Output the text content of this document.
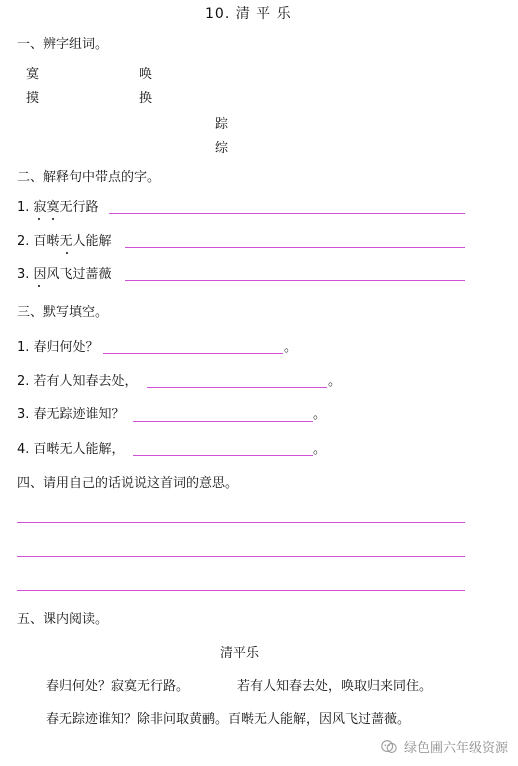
10. 清 平 乐
一、辨字组词。
寞	唤
摸	换
踪
综
二、解释句中带点的字。
1. 寂寞无行路
2. 百啭无人能解
3. 因风飞过蔷薇
三、默写填空。
1. 春归何处？	。
2. 若有人知春去处，	。
3. 春无踪迹谁知？	。
4. 百啭无人能解，	。
四、请用自己的话说说这首词的意思。
五、课内阅读。
清平乐
春归何处？寂寞无行路。	若有人知春去处，唤取归来同住。
春无踪迹谁知？除非问取黄鹂。百啭无人能解，因风飞过蔷薇。
绿色圃六年级资源
